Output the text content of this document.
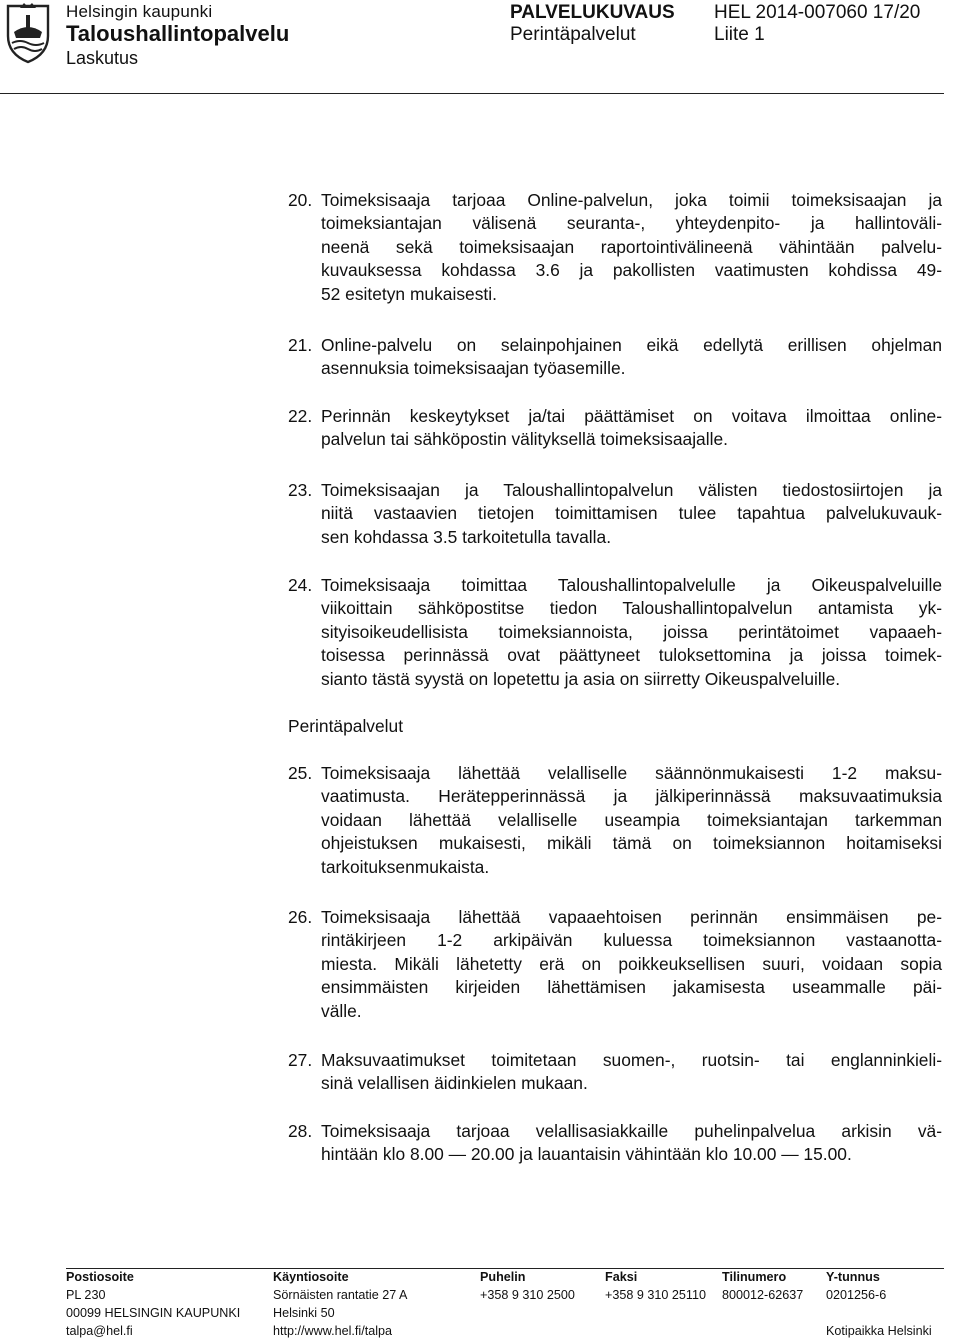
Helsingin kaupunki
Taloushallintopalvelu
Laskutus
PALVELUKUVAUS HEL 2014-007060 17/20
Perintäpalvelut	Liite 1
20. Toimeksisaaja tarjoaa Online-palvelun, joka toimii toimeksisaajan ja
toimeksiantajan välisenä seuranta-, yhteydenpito- ja hallintoväli-
neenä sekä toimeksisaajan raportointivälineenä vähintään palvelu-
kuvauksessa kohdassa 3.6 ja pakollisten vaatimusten kohdissa 49-
52 esitetyn mukaisesti.
21. Online-palvelu on selainpohjainen eikä edellytä erillisen ohjelman
asennuksia toimeksisaajan työasemille.
22. Perinnän keskeytykset ja/tai päättämiset on voitava ilmoittaa online-
palvelun tai sähköpostin välityksellä toimeksisaajalle.
23. Toimeksisaajan ja Taloushallintopalvelun välisten tiedostosiirtojen ja
niitä vastaavien tietojen toimittamisen tulee tapahtua palvelukuvauk-
sen kohdassa 3.5 tarkoitetulla tavalla.
24. Toimeksisaaja toimittaa Taloushallintopalvelulle ja Oikeuspalveluille
viikoittain sähköpostitse tiedon Taloushallintopalvelun antamista yk-
sityisoikeudellisista toimeksiannoista, joissa perintätoimet vapaaeh-
toisessa perinnässä ovat päättyneet tuloksettomina ja joissa toimek-
sianto tästä syystä on lopetettu ja asia on siirretty Oikeuspalveluille.
Perintäpalvelut
25. Toimeksisaaja lähettää velalliselle säännönmukaisesti 1-2 maksu-
vaatimusta. Herätepperinnässä ja jälkiperinnässä maksuvaatimuksia
voidaan lähettää velalliselle useampia toimeksiantajan tarkemman
ohjeistuksen mukaisesti, mikäli tämä on toimeksiannon hoitamiseksi
tarkoituksenmukaista.
26. Toimeksisaaja lähettää vapaaehtoisen perinnän ensimmäisen pe-
rintäkirjeen 1-2 arkipäivän kuluessa toimeksiannon vastaanotta-
miesta. Mikäli lähetetty erä on poikkeuksellisen suuri, voidaan sopia
ensimmäisten kirjeiden lähettämisen jakamisesta useammalle päi-
välle.
27. Maksuvaatimukset toimitetaan suomen-, ruotsin- tai englanninkieli-
sinä velallisen äidinkielen mukaan.
28. Toimeksisaaja tarjoaa velallisasiakkaille puhelinpalvelua arkisin vä-
hintään klo 8.00 — 20.00 ja lauantaisin vähintään klo 10.00 — 15.00.
Postiosoite
PL 230
00099 HELSINGIN KAUPUNKI
talpa@hel.fi
Käyntiosoite
Sörnäisten rantatie 27 A
Helsinki 50
http://www.hel.fi/talpa
Puhelin
+358 9 310 2500
Faksi
+358 9 310 25110
Tilinumero
800012-62637
Y-tunnus
0201256-6

Kotipaikka Helsinki
